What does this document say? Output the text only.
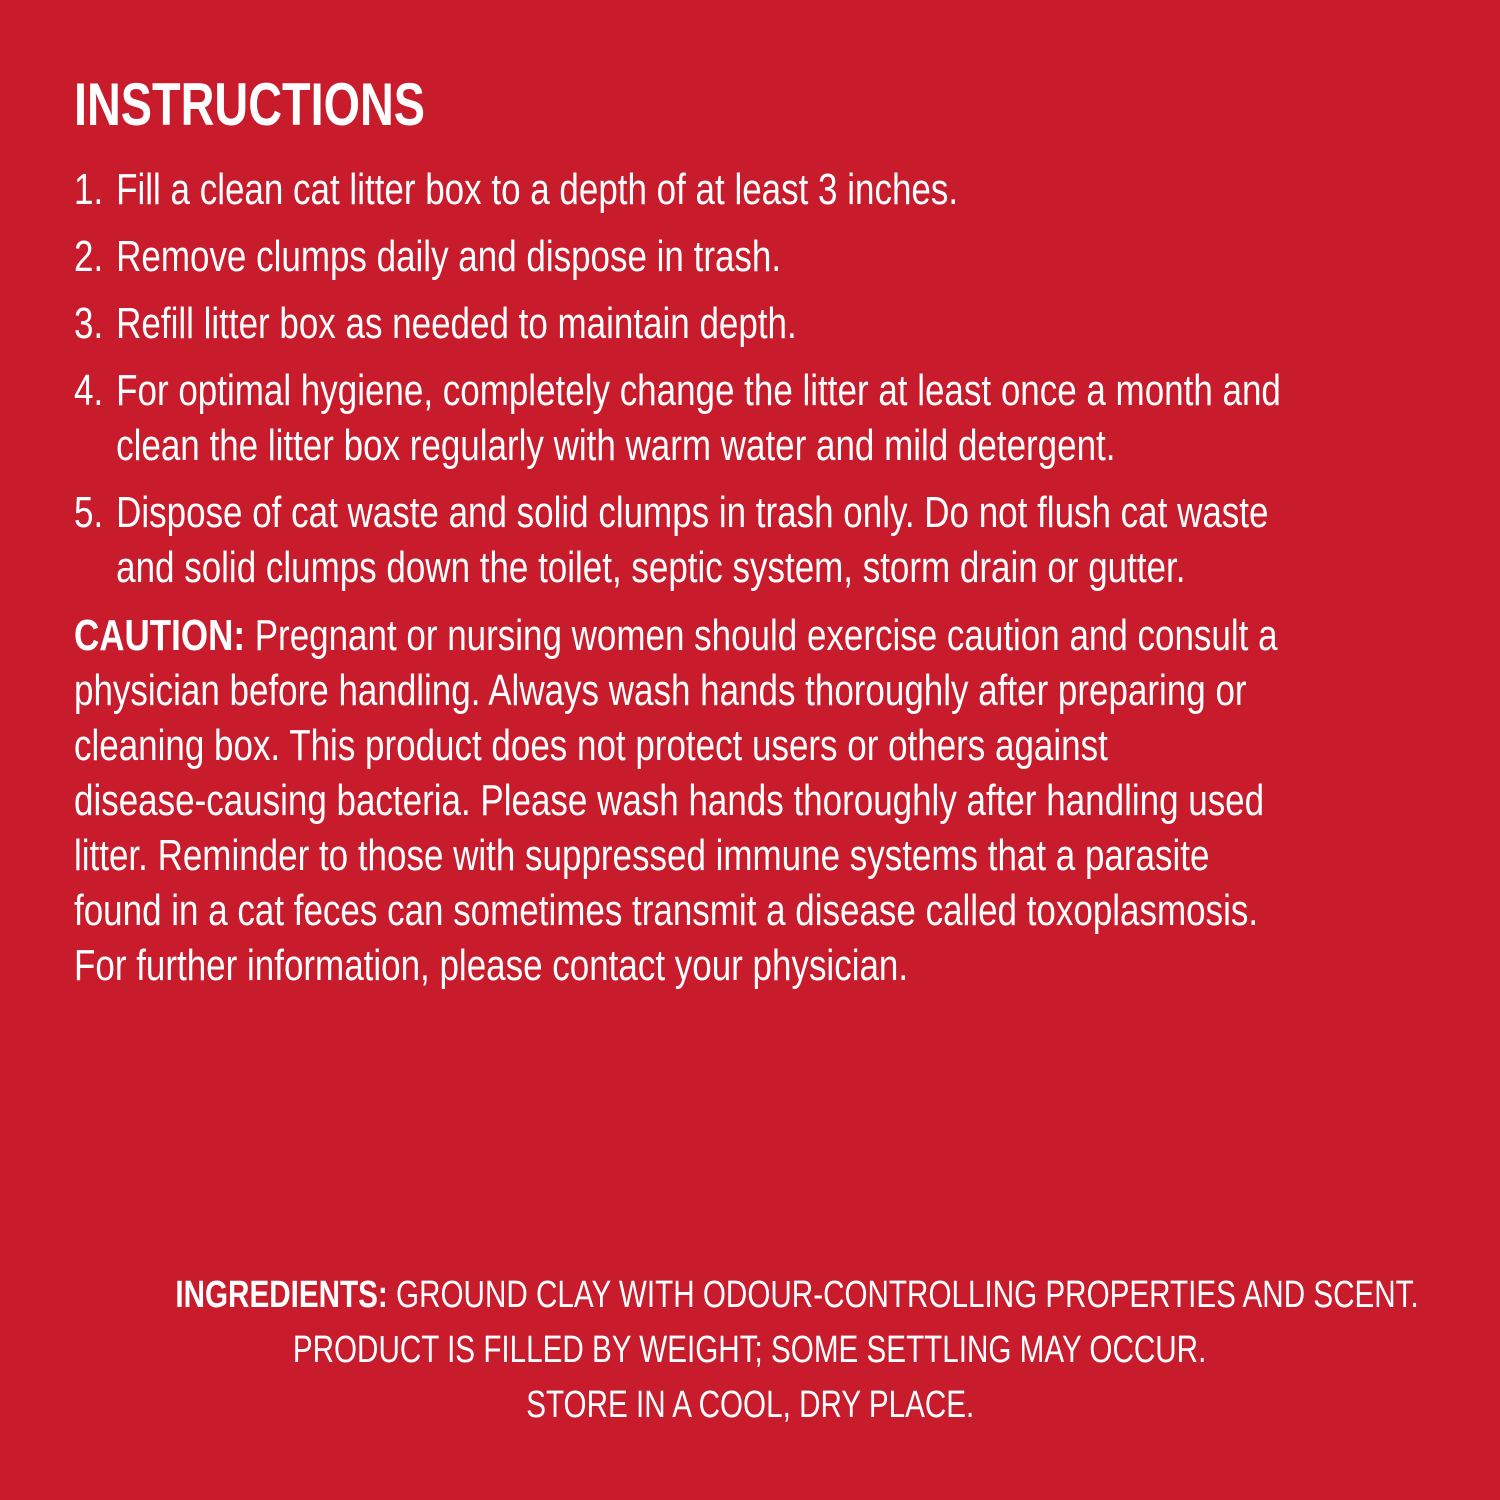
INSTRUCTIONS
1. Fill a clean cat litter box to a depth of at least 3 inches.
2. Remove clumps daily and dispose in trash.
3. Refill litter box as needed to maintain depth.
4. For optimal hygiene, completely change the litter at least once a month and
clean the litter box regularly with warm water and mild detergent.
5. Dispose of cat waste and solid clumps in trash only. Do not flush cat waste
and solid clumps down the toilet, septic system, storm drain or gutter.

CAUTION: Pregnant or nursing women should exercise caution and consult a
physician before handling. Always wash hands thoroughly after preparing or
cleaning box. This product does not protect users or others against
disease-causing bacteria. Please wash hands thoroughly after handling used
litter. Reminder to those with suppressed immune systems that a parasite
found in a cat feces can sometimes transmit a disease called toxoplasmosis.
For further information, please contact your physician.

INGREDIENTS: GROUND CLAY WITH ODOUR-CONTROLLING PROPERTIES AND SCENT.
PRODUCT IS FILLED BY WEIGHT; SOME SETTLING MAY OCCUR.
STORE IN A COOL, DRY PLACE.
